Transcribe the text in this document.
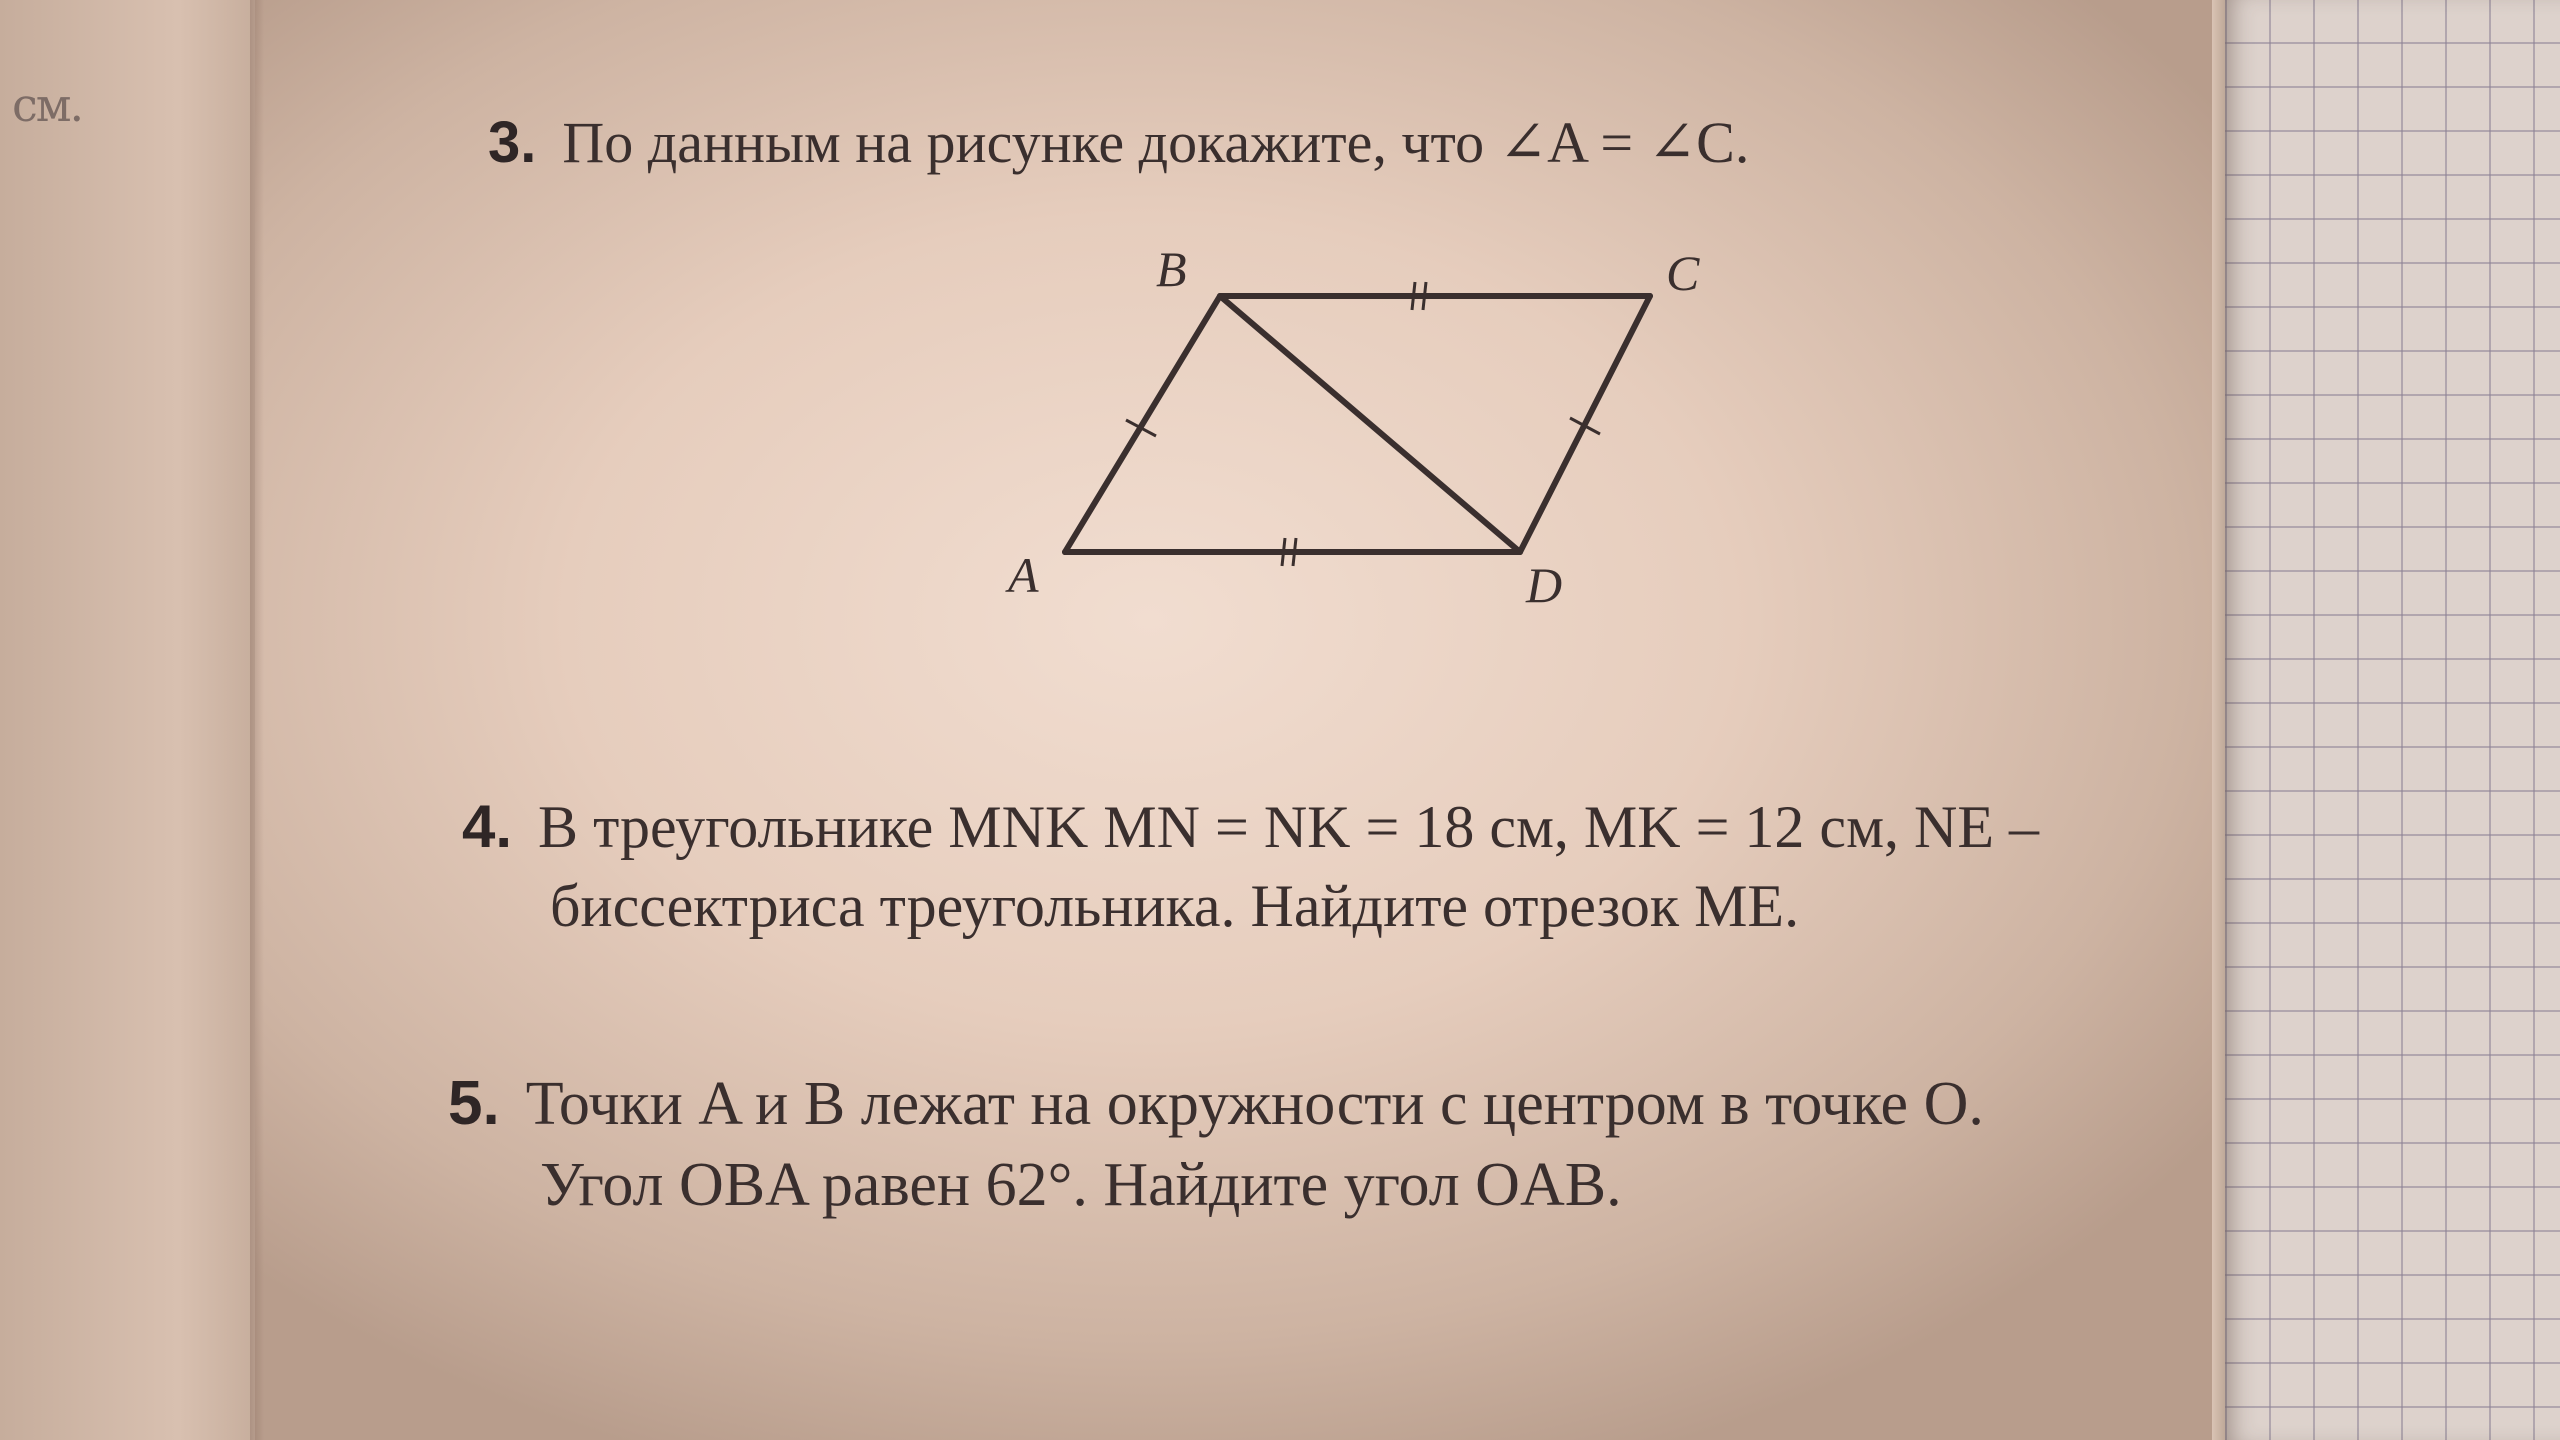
см.
3. По данным на рисунке докажите, что ∠A = ∠C.
A
B	C
D
4. В треугольнике MNK MN = NK = 18 см, MK = 12 см, NE –
биссектриса треугольника. Найдите отрезок ME.
5. Точки A и B лежат на окружности с центром в точке O.
Угол OBA равен 62°. Найдите угол OAB.
